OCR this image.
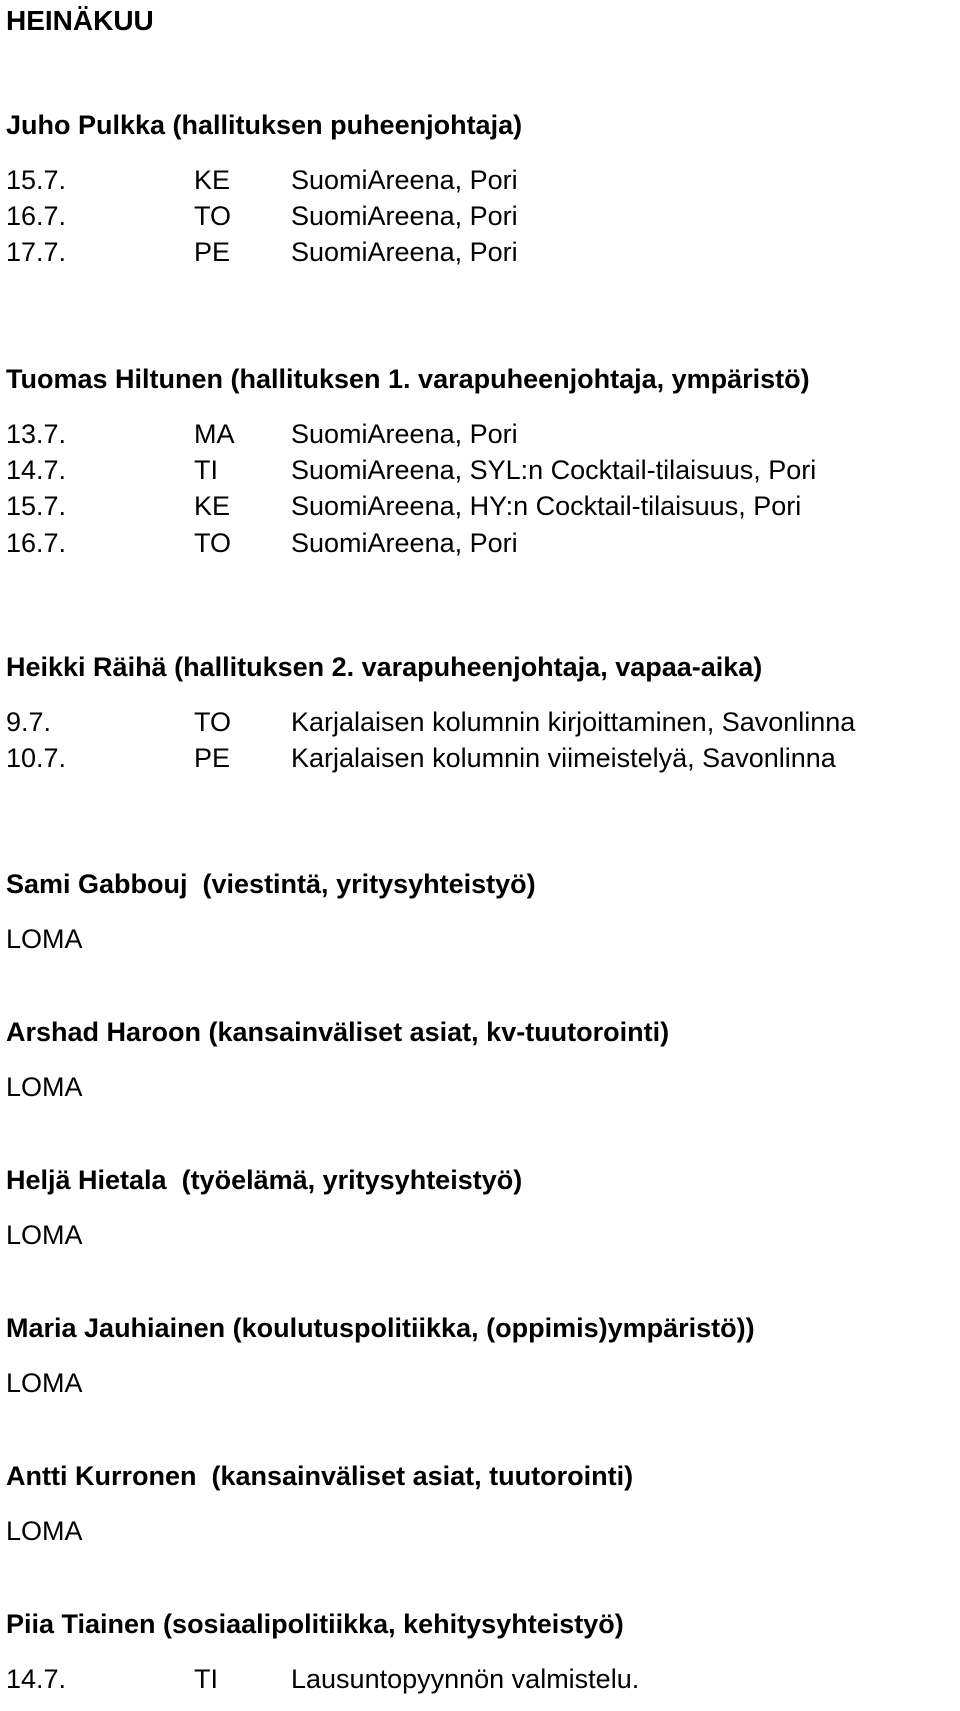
HEINÄKUU
Juho Pulkka (hallituksen puheenjohtaja)
15.7.	KE	SuomiAreena, Pori
16.7.	TO	SuomiAreena, Pori
17.7.	PE	SuomiAreena, Pori
Tuomas Hiltunen (hallituksen 1. varapuheenjohtaja, ympäristö)
13.7.	MA	SuomiAreena, Pori
14.7.	TI	SuomiAreena, SYL:n Cocktail-tilaisuus, Pori
15.7.	KE	SuomiAreena, HY:n Cocktail-tilaisuus, Pori
16.7.	TO	SuomiAreena, Pori
Heikki Räihä (hallituksen 2. varapuheenjohtaja, vapaa-aika)
9.7.	TO	Karjalaisen kolumnin kirjoittaminen, Savonlinna
10.7.	PE	Karjalaisen kolumnin viimeistelyä, Savonlinna
Sami Gabbouj  (viestintä, yritysyhteistyö)
LOMA
Arshad Haroon (kansainväliset asiat, kv-tuutorointi)
LOMA
Heljä Hietala  (työelämä, yritysyhteistyö)
LOMA
Maria Jauhiainen (koulutuspolitiikka, (oppimis)ympäristö))
LOMA
Antti Kurronen  (kansainväliset asiat, tuutorointi)
LOMA
Piia Tiainen (sosiaalipolitiikka, kehitysyhteistyö)
14.7.	TI	Lausuntopyynnön valmistelu.
